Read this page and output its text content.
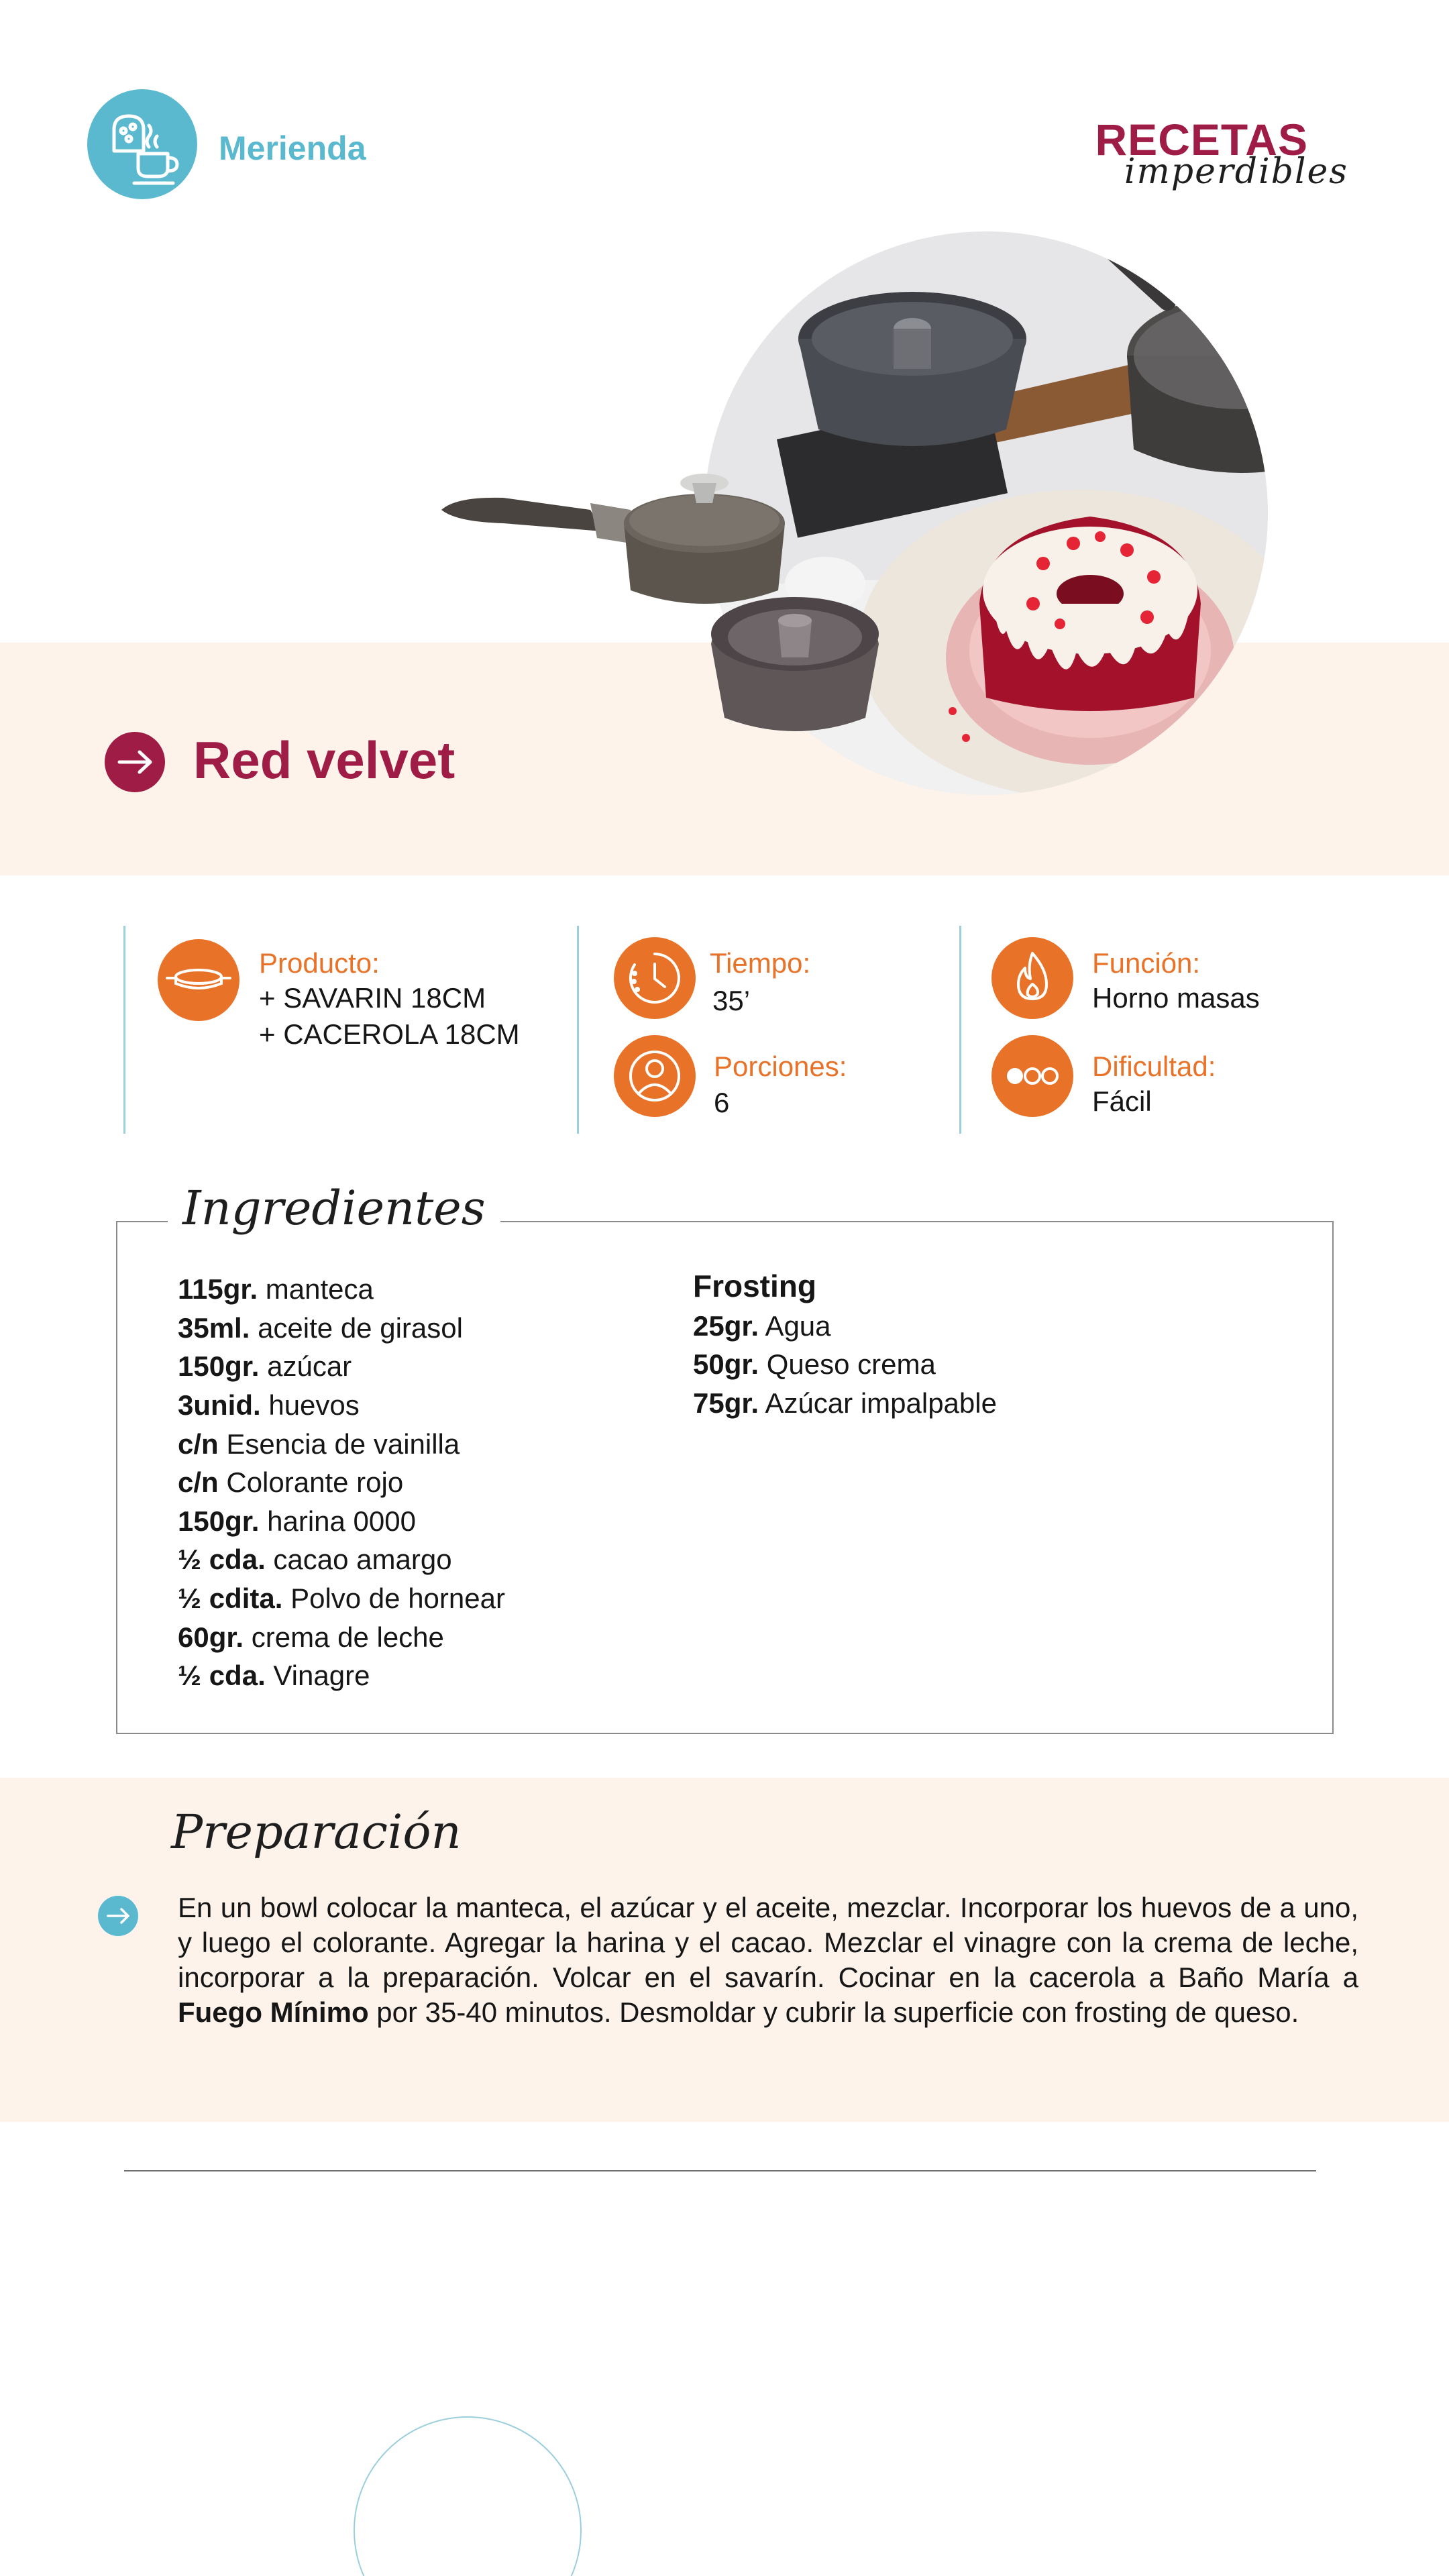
Merienda	RECETAS
imperdibles
Red velvet
Producto:
+ SAVARIN 18CM
+ CACEROLA 18CM
Tiempo:
35’
Porciones:
6
Función:
Horno masas
Dificultad:
Fácil
Ingredientes
115gr. manteca
35ml. aceite de girasol
150gr. azúcar
3unid. huevos
c/n Esencia de vainilla
c/n Colorante rojo
150gr. harina 0000
½ cda. cacao amargo
½ cdita. Polvo de hornear
60gr. crema de leche
½ cda. Vinagre
Frosting
25gr. Agua
50gr. Queso crema
75gr. Azúcar impalpable
Preparación
En un bowl colocar la manteca, el azúcar y el aceite, mezclar. Incorporar los huevos de a uno, y luego el colorante. Agregar la harina y el cacao. Mezclar el vinagre con la crema de leche, incorporar a la preparación. Volcar en el savarín. Cocinar en la cacerola a Baño María a Fuego Mínimo por 35-40 minutos. Desmoldar y cubrir la superficie con frosting de queso.
